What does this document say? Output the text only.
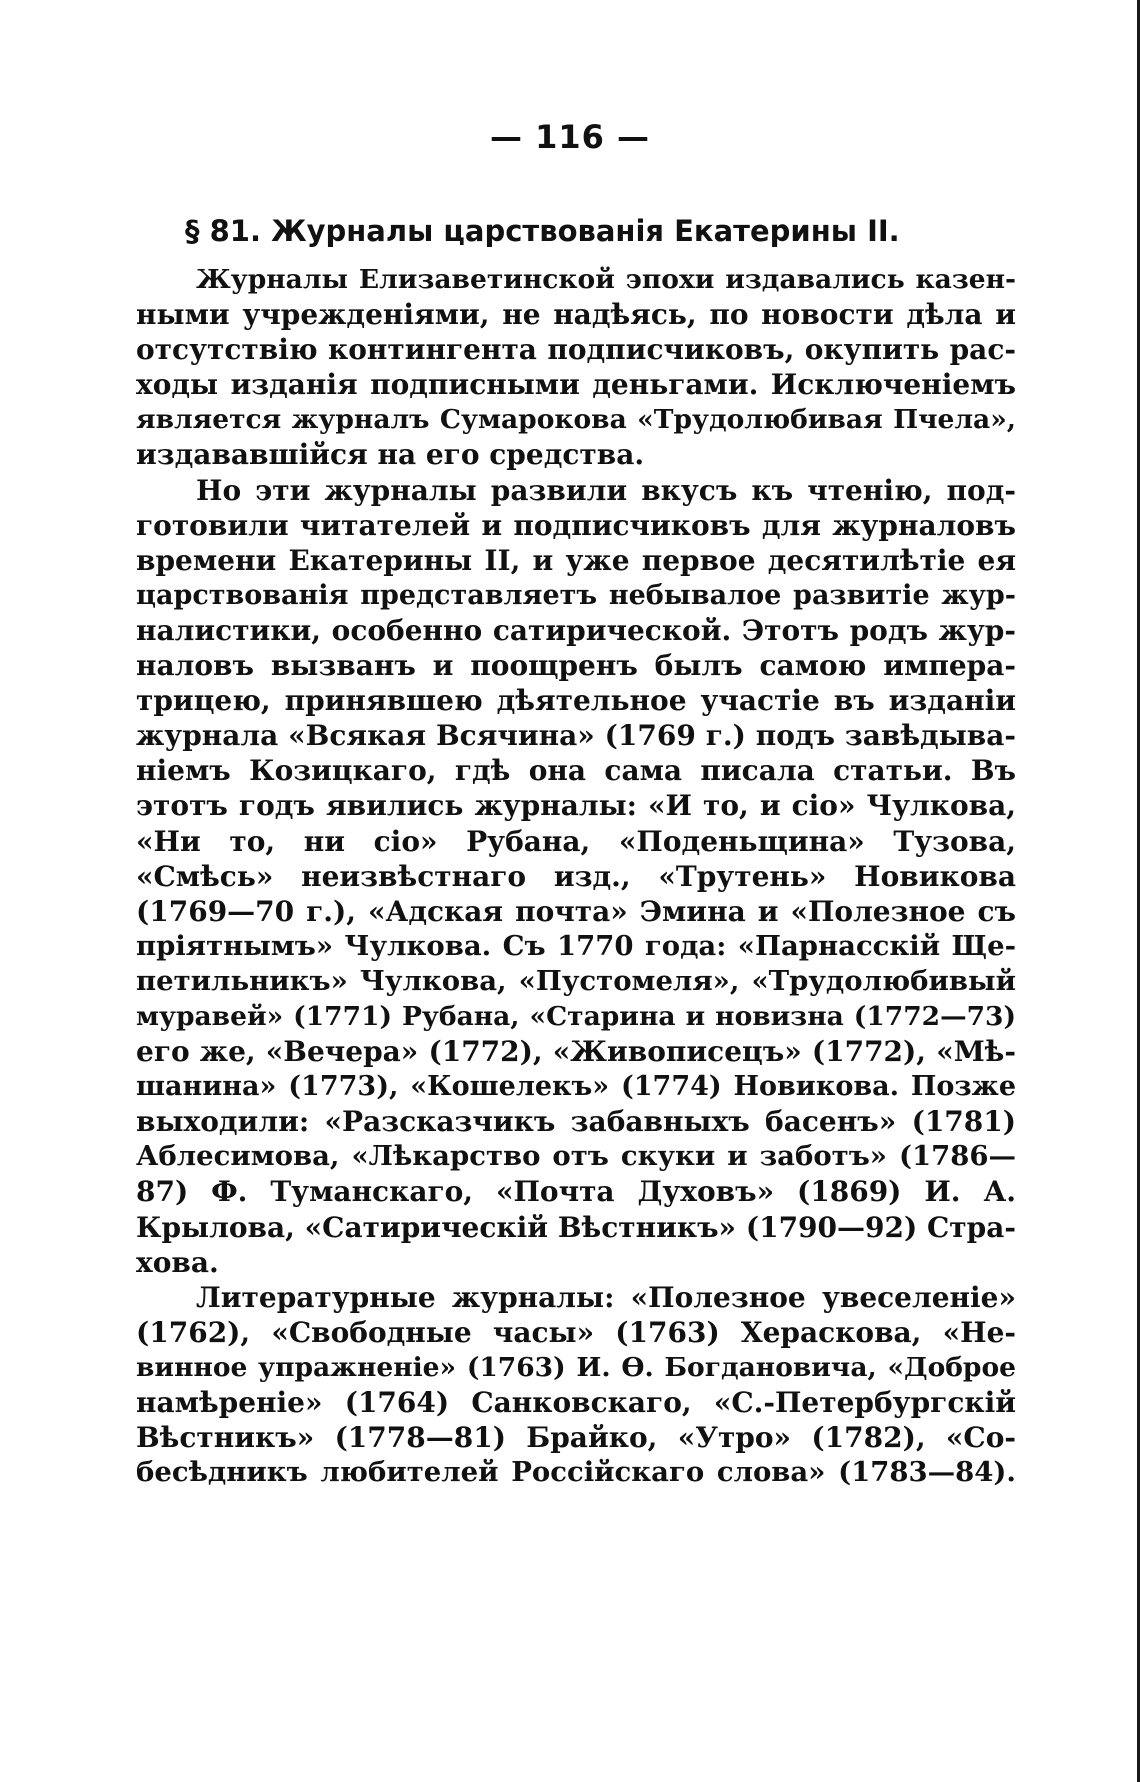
— 116 —
§ 81. Журналы царствованія Екатерины II.
Журналы Елизаветинской эпохи издавались казен-
ными учрежденіями, не надѣясь, по новости дѣла и
отсутствію контингента подписчиковъ, окупить рас-
ходы изданія подписными деньгами. Исключеніемъ
является журналъ Сумарокова «Трудолюбивая Пчела»,
издававшійся на его средства.
Но эти журналы развили вкусъ къ чтенію, под-
готовили читателей и подписчиковъ для журналовъ
времени Екатерины II, и уже первое десятилѣтіе ея
царствованія представляетъ небывалое развитіе жур-
налистики, особенно сатирической. Этотъ родъ жур-
наловъ вызванъ и поощренъ былъ самою импера-
трицею, принявшею дѣятельное участіе въ изданіи
журнала «Всякая Всячина» (1769 г.) подъ завѣдыва-
ніемъ Козицкаго, гдѣ она сама писала статьи. Въ
этотъ годъ явились журналы: «И то, и сіо» Чулкова,
«Ни то, ни сіо» Рубана, «Поденьщина» Тузова,
«Смѣсь» неизвѣстнаго изд., «Трутень» Новикова
(1769—70 г.), «Адская почта» Эмина и «Полезное съ
пріятнымъ» Чулкова. Съ 1770 года: «Парнасскій Ще-
петильникъ» Чулкова, «Пустомеля», «Трудолюбивый
муравей» (1771) Рубана, «Старина и новизна (1772—73)
его же, «Вечера» (1772), «Живописецъ» (1772), «Мѣ-
шанина» (1773), «Кошелекъ» (1774) Новикова. Позже
выходили: «Разсказчикъ забавныхъ басенъ» (1781)
Аблесимова, «Лѣкарство отъ скуки и заботъ» (1786—
87) Ф. Туманскаго, «Почта Духовъ» (1869) И. А.
Крылова, «Сатирическій Вѣстникъ» (1790—92) Стра-
хова.
Литературные журналы: «Полезное увеселеніе»
(1762), «Свободные часы» (1763) Хераскова, «Не-
винное упражненіе» (1763) И. Ѳ. Богдановича, «Доброе
намѣреніе» (1764) Санковскаго, «С.-Петербургскій
Вѣстникъ» (1778—81) Брайко, «Утро» (1782), «Со-
бесѣдникъ любителей Россійскаго слова» (1783—84).
